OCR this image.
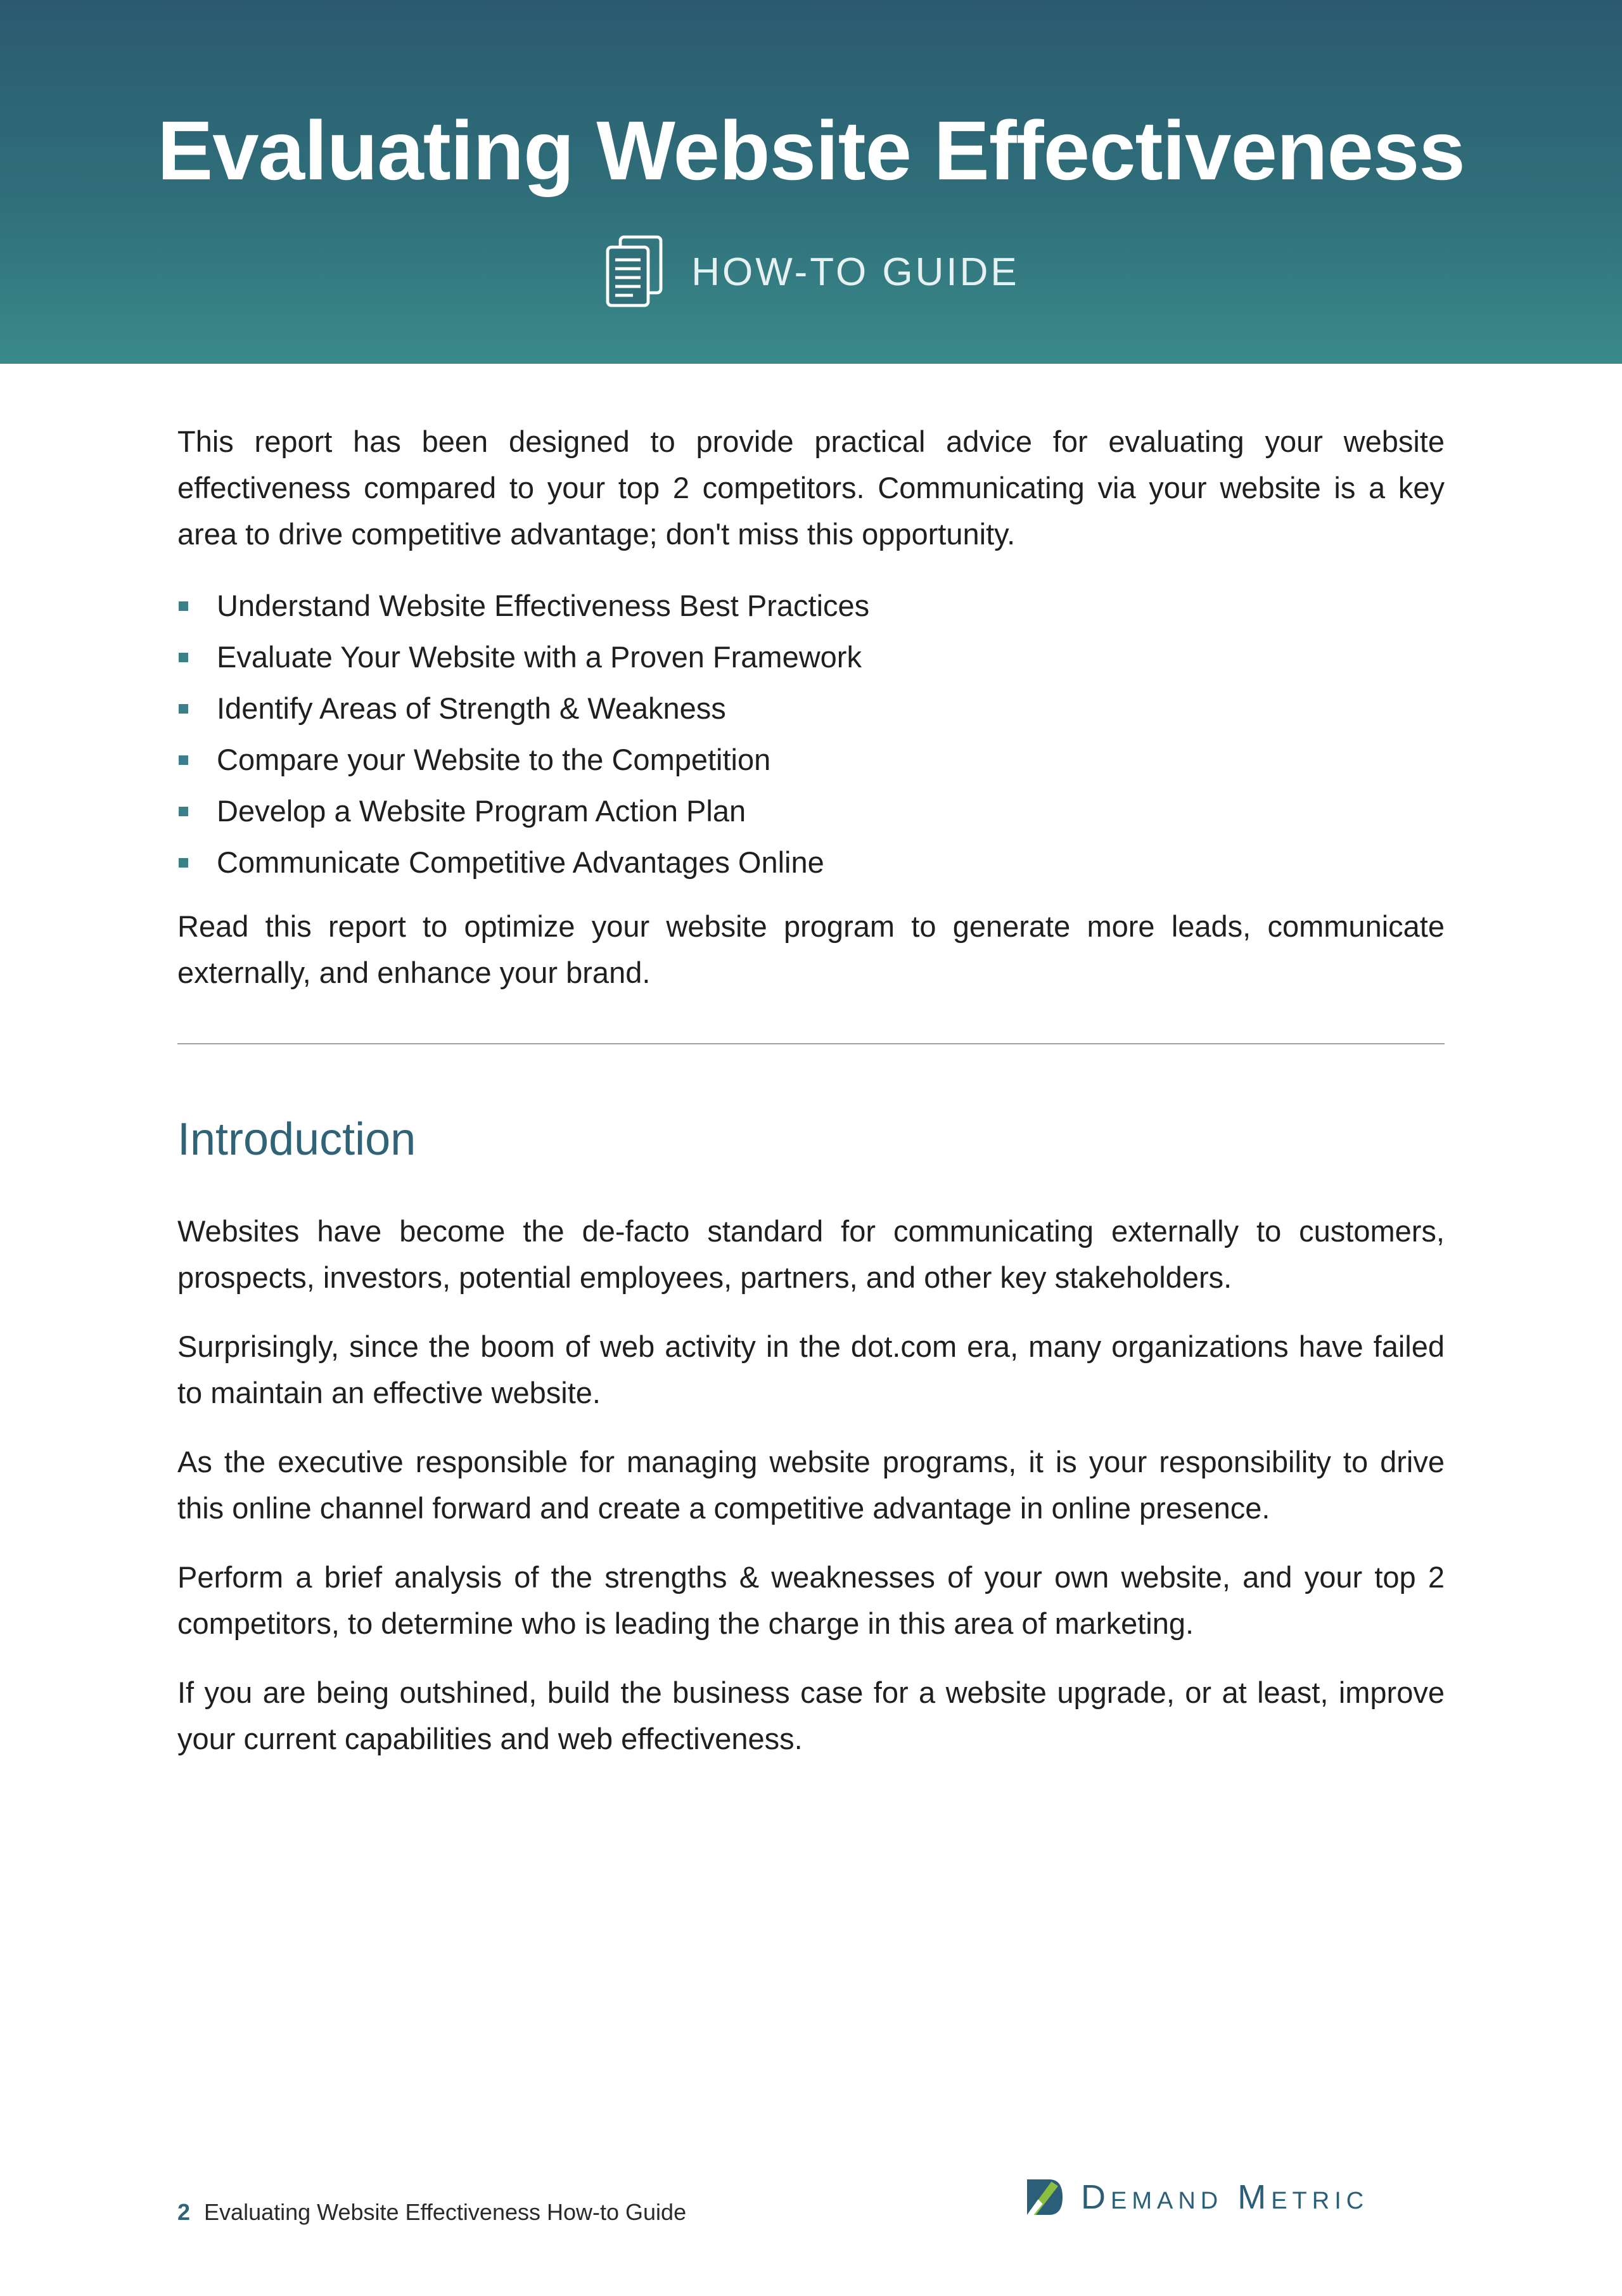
Evaluating Website Effectiveness
HOW-TO GUIDE

This report has been designed to provide practical advice for evaluating your website effectiveness compared to your top 2 competitors. Communicating via your website is a key area to drive competitive advantage; don't miss this opportunity.

Understand Website Effectiveness Best Practices
Evaluate Your Website with a Proven Framework
Identify Areas of Strength & Weakness
Compare your Website to the Competition
Develop a Website Program Action Plan
Communicate Competitive Advantages Online

Read this report to optimize your website program to generate more leads, communicate externally, and enhance your brand.

Introduction

Websites have become the de-facto standard for communicating externally to customers, prospects, investors, potential employees, partners, and other key stakeholders.

Surprisingly, since the boom of web activity in the dot.com era, many organizations have failed to maintain an effective website.

As the executive responsible for managing website programs, it is your responsibility to drive this online channel forward and create a competitive advantage in online presence.

Perform a brief analysis of the strengths & weaknesses of your own website, and your top 2 competitors, to determine who is leading the charge in this area of marketing.

If you are being outshined, build the business case for a website upgrade, or at least, improve your current capabilities and web effectiveness.

2 Evaluating Website Effectiveness How-to Guide	Demand Metric
